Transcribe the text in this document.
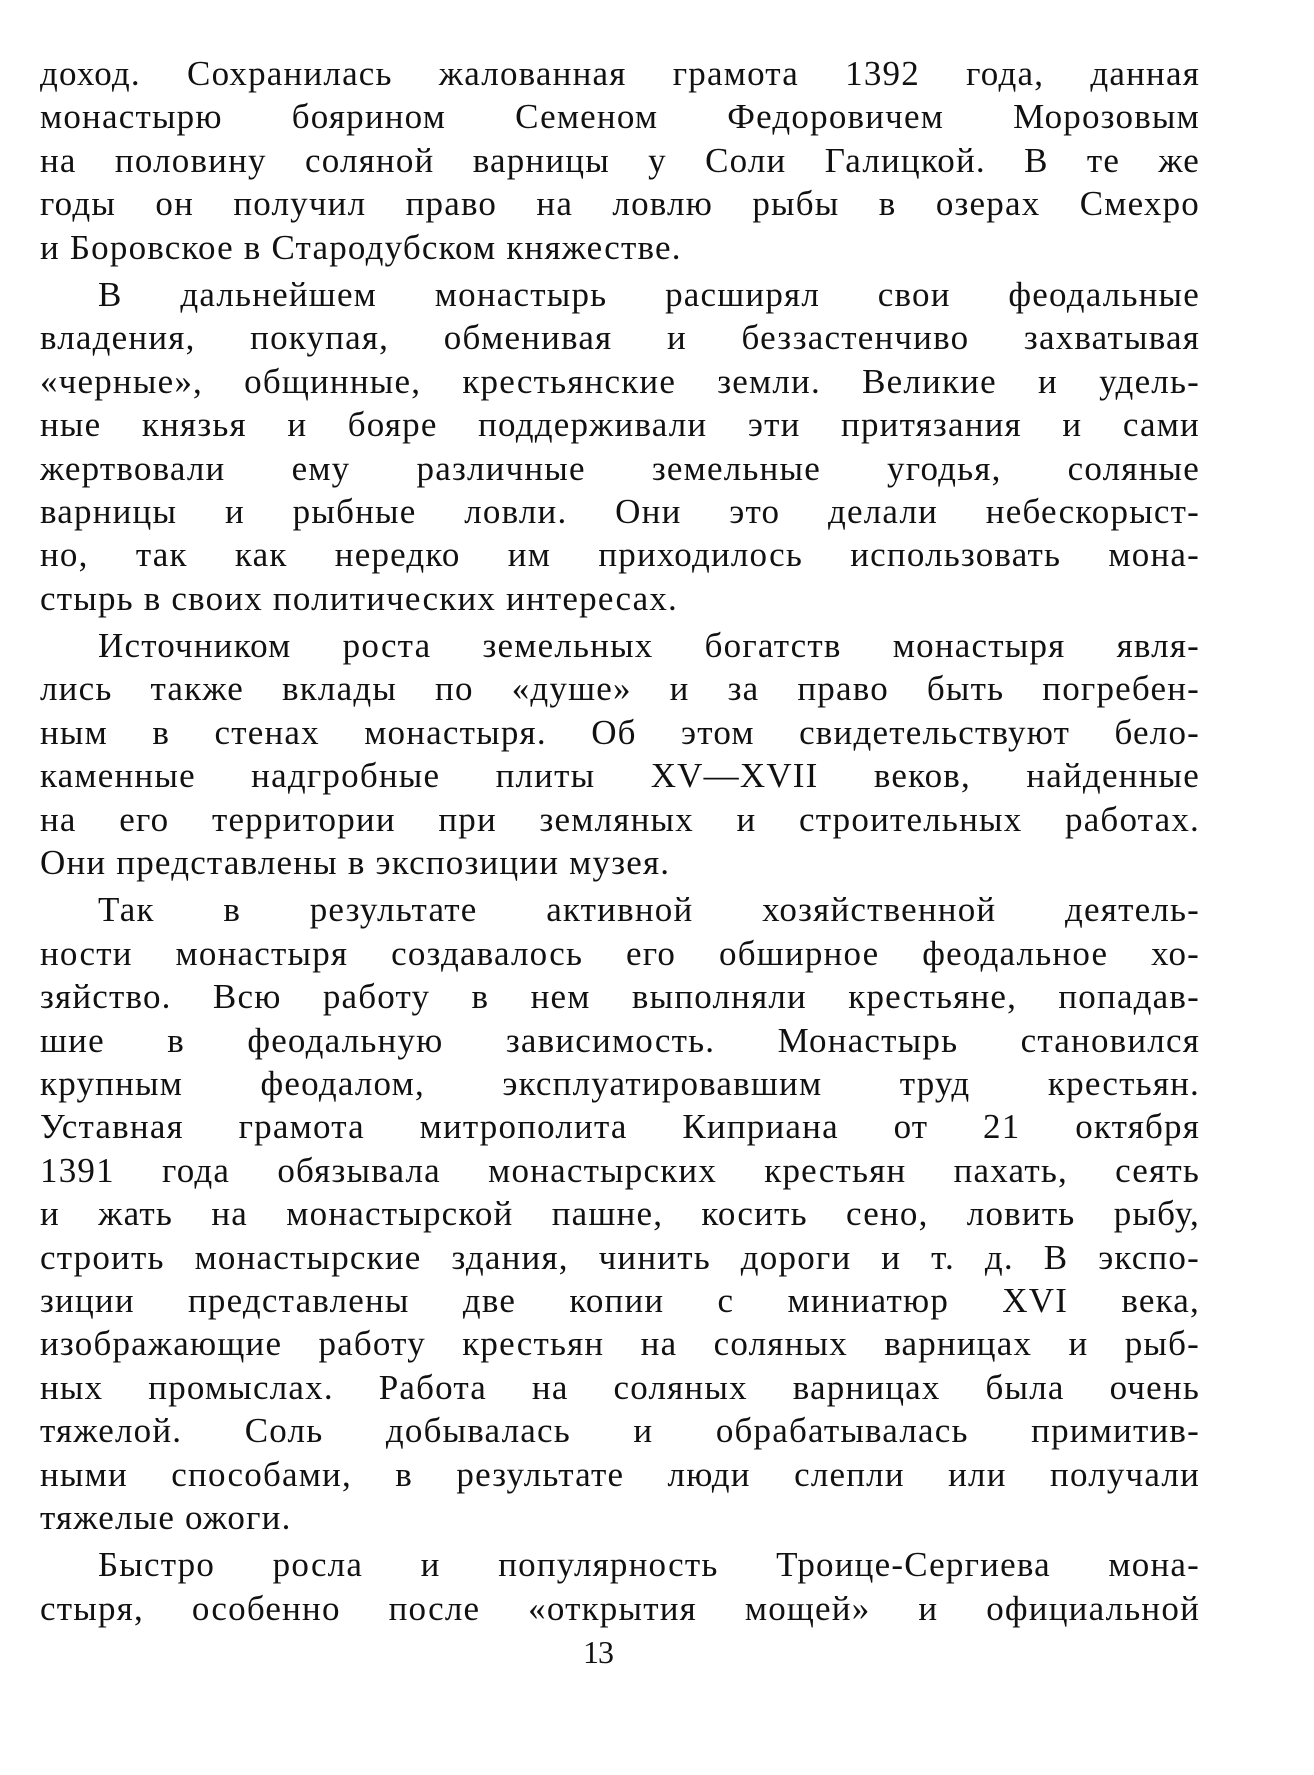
доход. Сохранилась жалованная грамота 1392 года, данная
монастырю боярином Семеном Федоровичем Морозовым
на половину соляной варницы у Соли Галицкой. В те же
годы он получил право на ловлю рыбы в озерах Смехро
и Боровское в Стародубском княжестве.
В дальнейшем монастырь расширял свои феодальные
владения, покупая, обменивая и беззастенчиво захватывая
«черные», общинные, крестьянские земли. Великие и удель-
ные князья и бояре поддерживали эти притязания и сами
жертвовали ему различные земельные угодья, соляные
варницы и рыбные ловли. Они это делали небескорыст-
но, так как нередко им приходилось использовать мона-
стырь в своих политических интересах.
Источником роста земельных богатств монастыря явля-
лись также вклады по «душе» и за право быть погребен-
ным в стенах монастыря. Об этом свидетельствуют бело-
каменные надгробные плиты XV—XVII веков, найденные
на его территории при земляных и строительных работах.
Они представлены в экспозиции музея.
Так в результате активной хозяйственной деятель-
ности монастыря создавалось его обширное феодальное хо-
зяйство. Всю работу в нем выполняли крестьяне, попадав-
шие в феодальную зависимость. Монастырь становился
крупным феодалом, эксплуатировавшим труд крестьян.
Уставная грамота митрополита Киприана от 21 октября
1391 года обязывала монастырских крестьян пахать, сеять
и жать на монастырской пашне, косить сено, ловить рыбу,
строить монастырские здания, чинить дороги и т. д. В экспо-
зиции представлены две копии с миниатюр XVI века,
изображающие работу крестьян на соляных варницах и рыб-
ных промыслах. Работа на соляных варницах была очень
тяжелой. Соль добывалась и обрабатывалась примитив-
ными способами, в результате люди слепли или получали
тяжелые ожоги.
Быстро росла и популярность Троице-Сергиева мона-
стыря, особенно после «открытия мощей» и официальной
13
